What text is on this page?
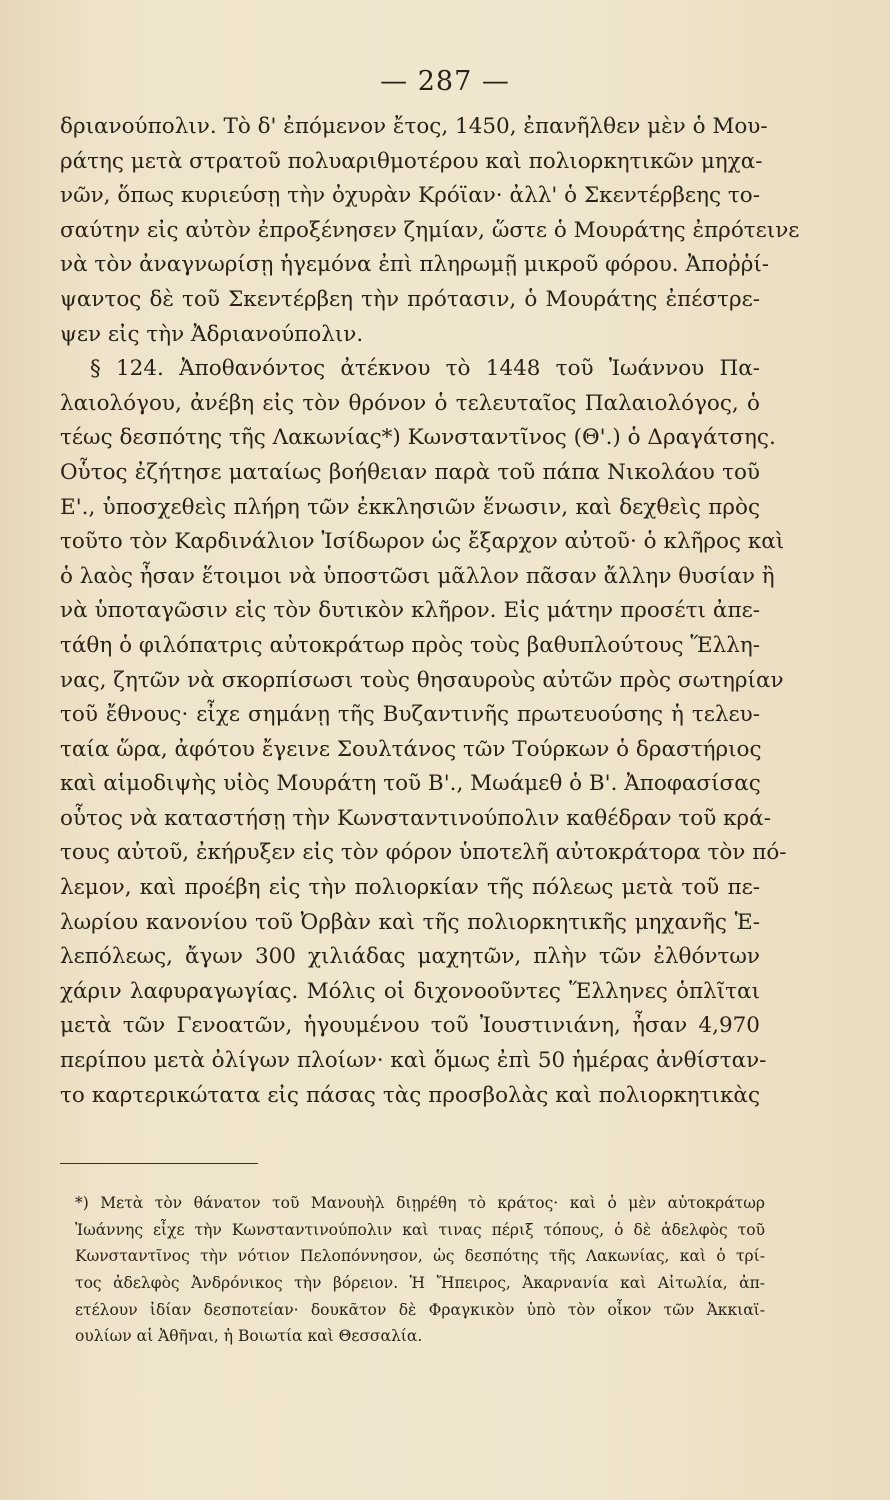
— 287 —
δριανούπολιν. Τὸ δ' ἐπόμενον ἔτος, 1450, ἐπανῆλθεν μὲν ὁ Μου-
ράτης μετὰ στρατοῦ πολυαριθμοτέρου καὶ πολιορκητικῶν μηχα-
νῶν, ὅπως κυριεύσῃ τὴν ὀχυρὰν Κρόϊαν· ἀλλ' ὁ Σκεντέρβεης το-
σαύτην εἰς αὐτὸν ἐπροξένησεν ζημίαν, ὥστε ὁ Μουράτης ἐπρότεινε
νὰ τὸν ἀναγνωρίσῃ ἡγεμόνα ἐπὶ πληρωμῇ μικροῦ φόρου. Ἀποῤῥί-
ψαντος δὲ τοῦ Σκεντέρβεη τὴν πρότασιν, ὁ Μουράτης ἐπέστρε-
ψεν εἰς τὴν Ἀδριανούπολιν.
§ 124. Ἀποθανόντος ἀτέκνου τὸ 1448 τοῦ Ἰωάννου Πα-
λαιολόγου, ἀνέβη εἰς τὸν θρόνον ὁ τελευταῖος Παλαιολόγος, ὁ
τέως δεσπότης τῆς Λακωνίας*) Κωνσταντῖνος (Θ'.) ὁ Δραγάτσης.
Οὗτος ἐζήτησε ματαίως βοήθειαν παρὰ τοῦ πάπα Νικολάου τοῦ
Ε'., ὑποσχεθεὶς πλήρη τῶν ἐκκλησιῶν ἕνωσιν, καὶ δεχθεὶς πρὸς
τοῦτο τὸν Καρδινάλιον Ἰσίδωρον ὡς ἔξαρχον αὐτοῦ· ὁ κλῆρος καὶ
ὁ λαὸς ἦσαν ἕτοιμοι νὰ ὑποστῶσι μᾶλλον πᾶσαν ἄλλην θυσίαν ἢ
νὰ ὑποταγῶσιν εἰς τὸν δυτικὸν κλῆρον. Εἰς μάτην προσέτι ἀπε-
τάθη ὁ φιλόπατρις αὐτοκράτωρ πρὸς τοὺς βαθυπλούτους Ἕλλη-
νας, ζητῶν νὰ σκορπίσωσι τοὺς θησαυροὺς αὐτῶν πρὸς σωτηρίαν
τοῦ ἔθνους· εἶχε σημάνῃ τῆς Βυζαντινῆς πρωτευούσης ἡ τελευ-
ταία ὥρα, ἀφότου ἔγεινε Σουλτάνος τῶν Τούρκων ὁ δραστήριος
καὶ αἱμοδιψὴς υἱὸς Μουράτη τοῦ Β'., Μωάμεθ ὁ Β'. Ἀποφασίσας
οὗτος νὰ καταστήσῃ τὴν Κωνσταντινούπολιν καθέδραν τοῦ κρά-
τους αὐτοῦ, ἐκήρυξεν εἰς τὸν φόρον ὑποτελῆ αὐτοκράτορα τὸν πό-
λεμον, καὶ προέβη εἰς τὴν πολιορκίαν τῆς πόλεως μετὰ τοῦ πε-
λωρίου κανονίου τοῦ Ὀρβὰν καὶ τῆς πολιορκητικῆς μηχανῆς Ἑ-
λεπόλεως, ἄγων 300 χιλιάδας μαχητῶν, πλὴν τῶν ἐλθόντων
χάριν λαφυραγωγίας. Μόλις οἱ διχονοοῦντες Ἕλληνες ὁπλῖται
μετὰ τῶν Γενοατῶν, ἡγουμένου τοῦ Ἰουστινιάνη, ἦσαν 4,970
περίπου μετὰ ὀλίγων πλοίων· καὶ ὅμως ἐπὶ 50 ἡμέρας ἀνθίσταν-
το καρτερικώτατα εἰς πάσας τὰς προσβολὰς καὶ πολιορκητικὰς
*) Μετὰ τὸν θάνατον τοῦ Μανουὴλ διῃρέθη τὸ κράτος· καὶ ὁ μὲν αὐτοκράτωρ
Ἰωάννης εἶχε τὴν Κωνσταντινούπολιν καὶ τινας πέριξ τόπους, ὁ δὲ ἀδελφὸς τοῦ
Κωνσταντῖνος τὴν νότιον Πελοπόννησον, ὡς δεσπότης τῆς Λακωνίας, καὶ ὁ τρί-
τος ἀδελφὸς Ἀνδρόνικος τὴν βόρειον. Ἡ Ἤπειρος, Ἀκαρνανία καὶ Αἰτωλία, ἀπ-
ετέλουν ἰδίαν δεσποτείαν· δουκᾶτον δὲ Φραγκικὸν ὑπὸ τὸν οἶκον τῶν Ἀκκιαϊ-
ουλίων αἱ Ἀθῆναι, ἡ Βοιωτία καὶ Θεσσαλία.
